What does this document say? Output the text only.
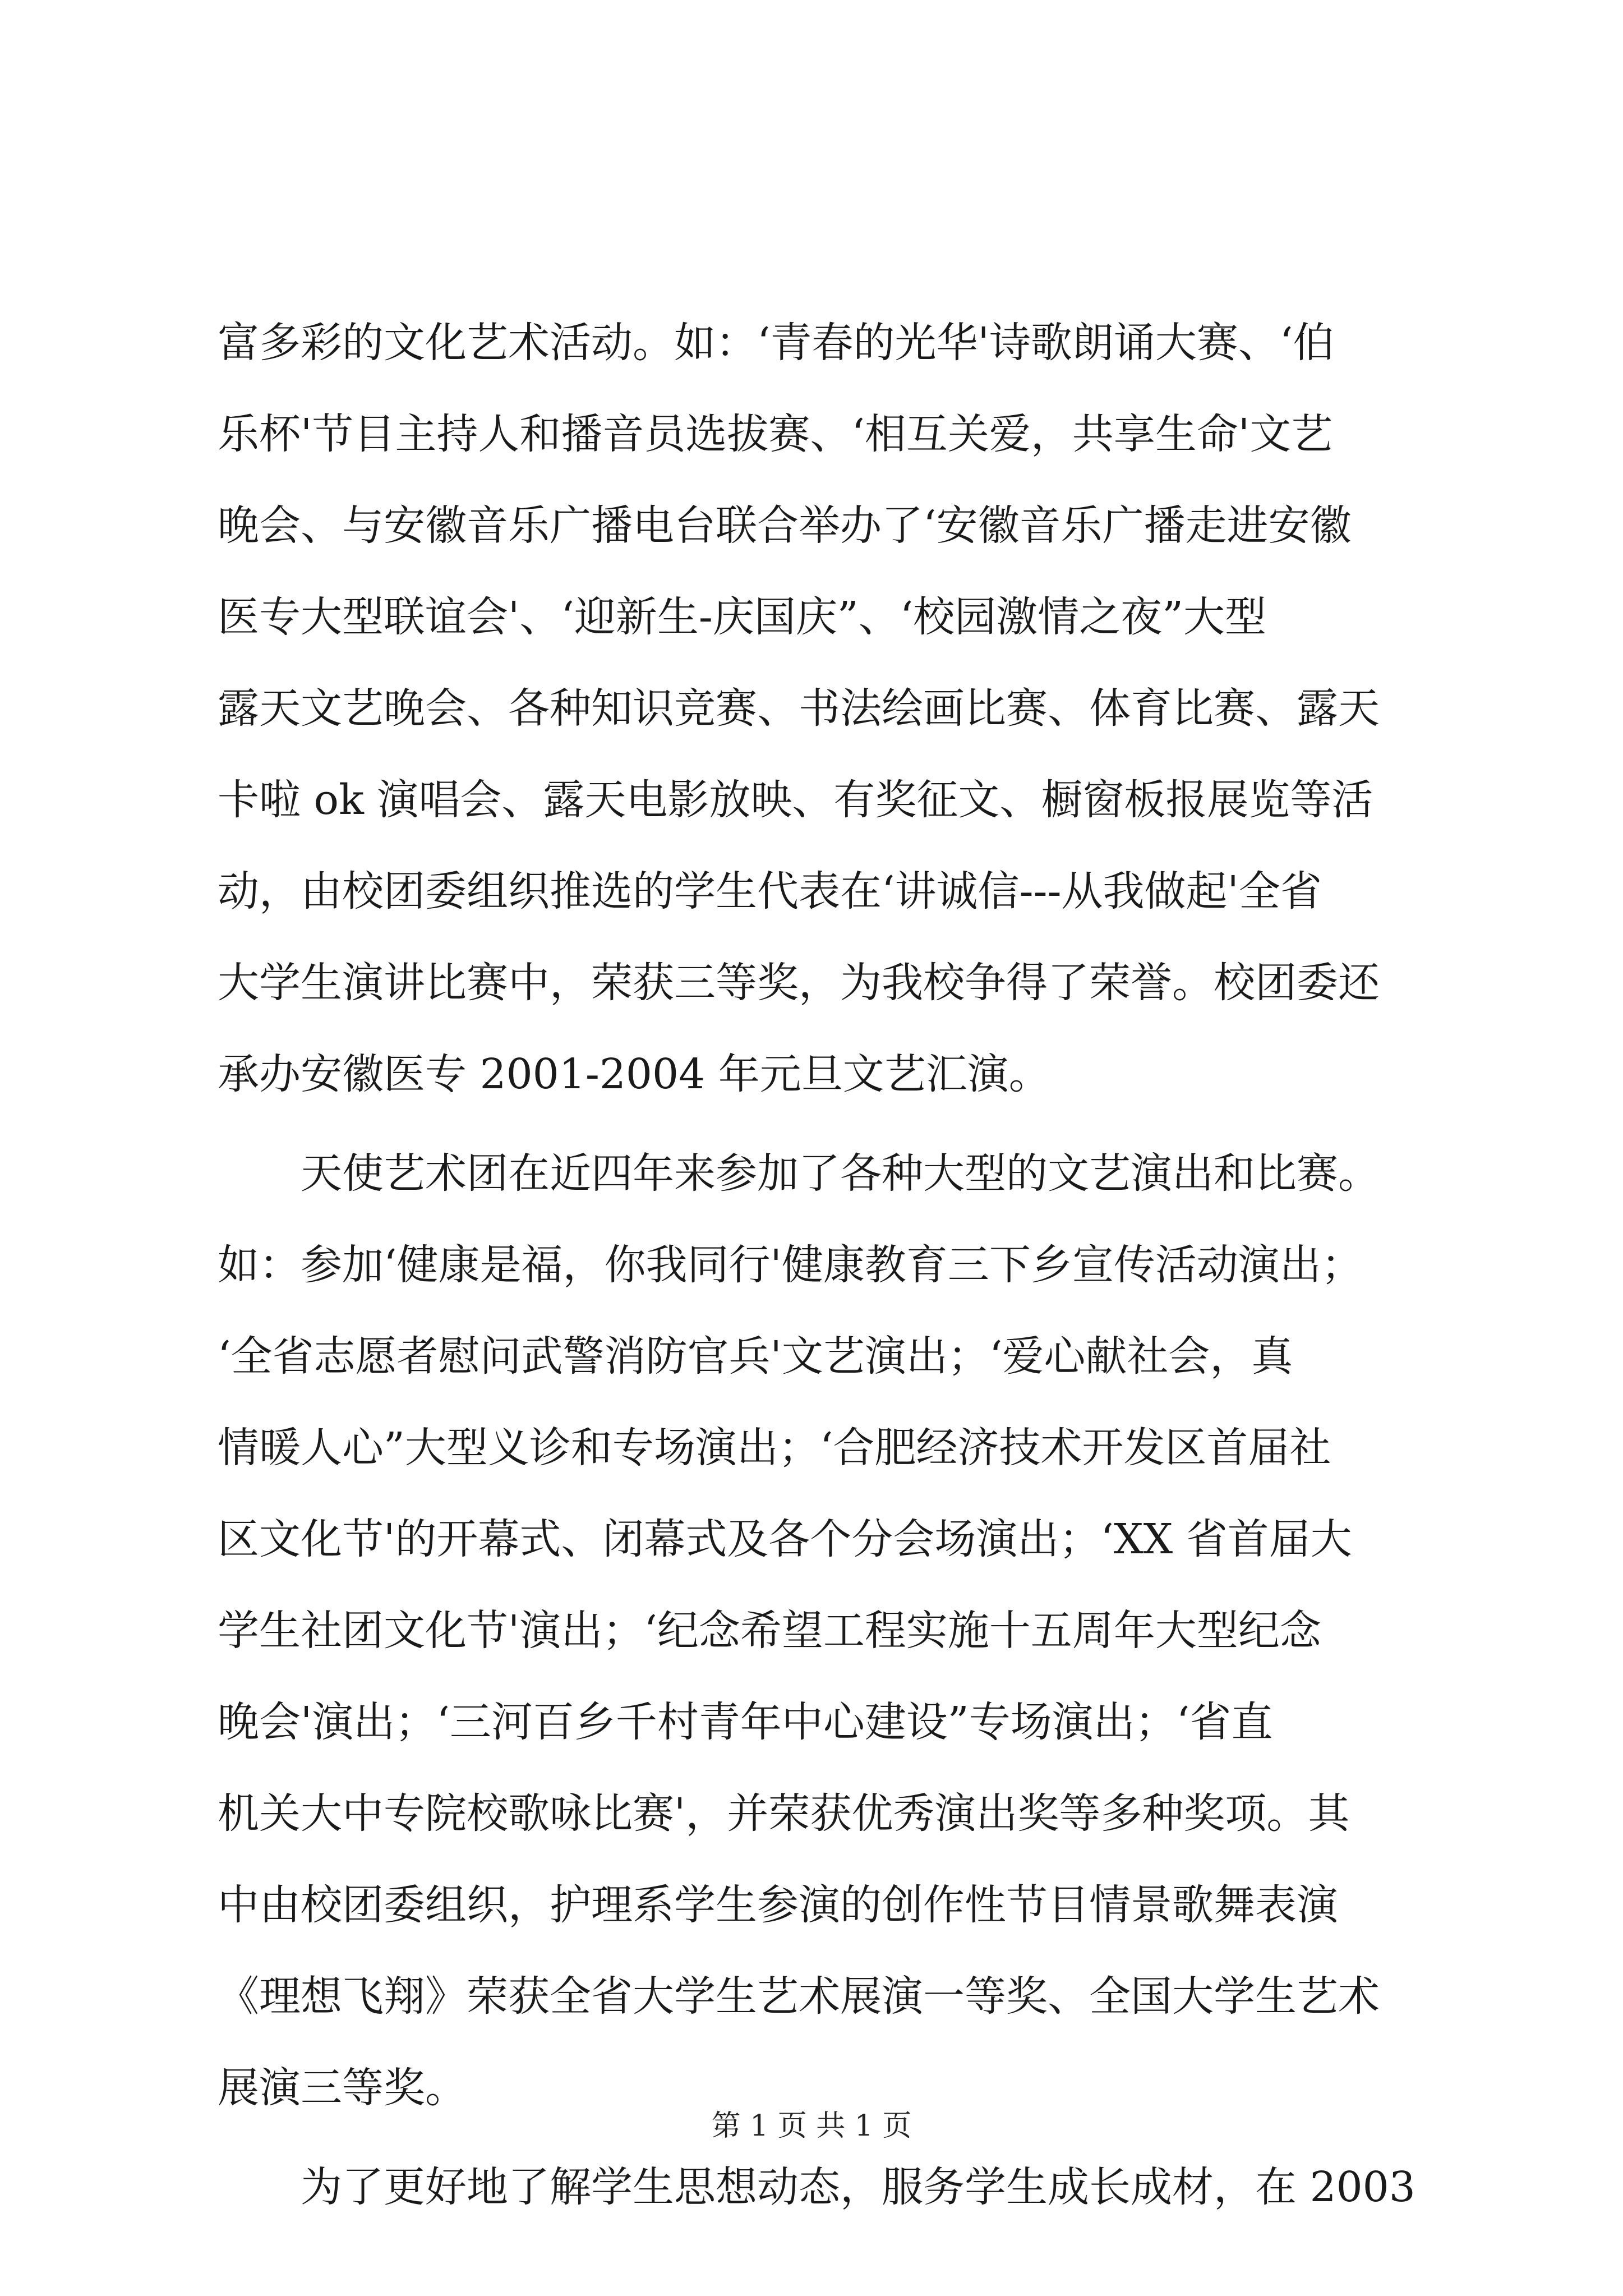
富多彩的文化艺术活动。如：‘青春的光华'诗歌朗诵大赛、‘伯
乐杯'节目主持人和播音员选拔赛、‘相互关爱，共享生命'文艺
晚会、与安徽音乐广播电台联合举办了‘安徽音乐广播走进安徽
医专大型联谊会'、‘迎新生-庆国庆”、‘校园激情之夜”大型
露天文艺晚会、各种知识竞赛、书法绘画比赛、体育比赛、露天
卡啦 ok 演唱会、露天电影放映、有奖征文、橱窗板报展览等活
动，由校团委组织推选的学生代表在‘讲诚信---从我做起'全省
大学生演讲比赛中，荣获三等奖，为我校争得了荣誉。校团委还
承办安徽医专 2001-2004 年元旦文艺汇演。
天使艺术团在近四年来参加了各种大型的文艺演出和比赛。
如：参加‘健康是福，你我同行'健康教育三下乡宣传活动演出；
‘全省志愿者慰问武警消防官兵'文艺演出；‘爱心献社会，真
情暖人心”大型义诊和专场演出；‘合肥经济技术开发区首届社
区文化节'的开幕式、闭幕式及各个分会场演出；‘XX 省首届大
学生社团文化节'演出；‘纪念希望工程实施十五周年大型纪念
晚会'演出；‘三河百乡千村青年中心建设”专场演出；‘省直
机关大中专院校歌咏比赛'，并荣获优秀演出奖等多种奖项。其
中由校团委组织，护理系学生参演的创作性节目情景歌舞表演
《理想飞翔》荣获全省大学生艺术展演一等奖、全国大学生艺术
展演三等奖。
为了更好地了解学生思想动态，服务学生成长成材，在 2003
第 1 页 共 1 页
